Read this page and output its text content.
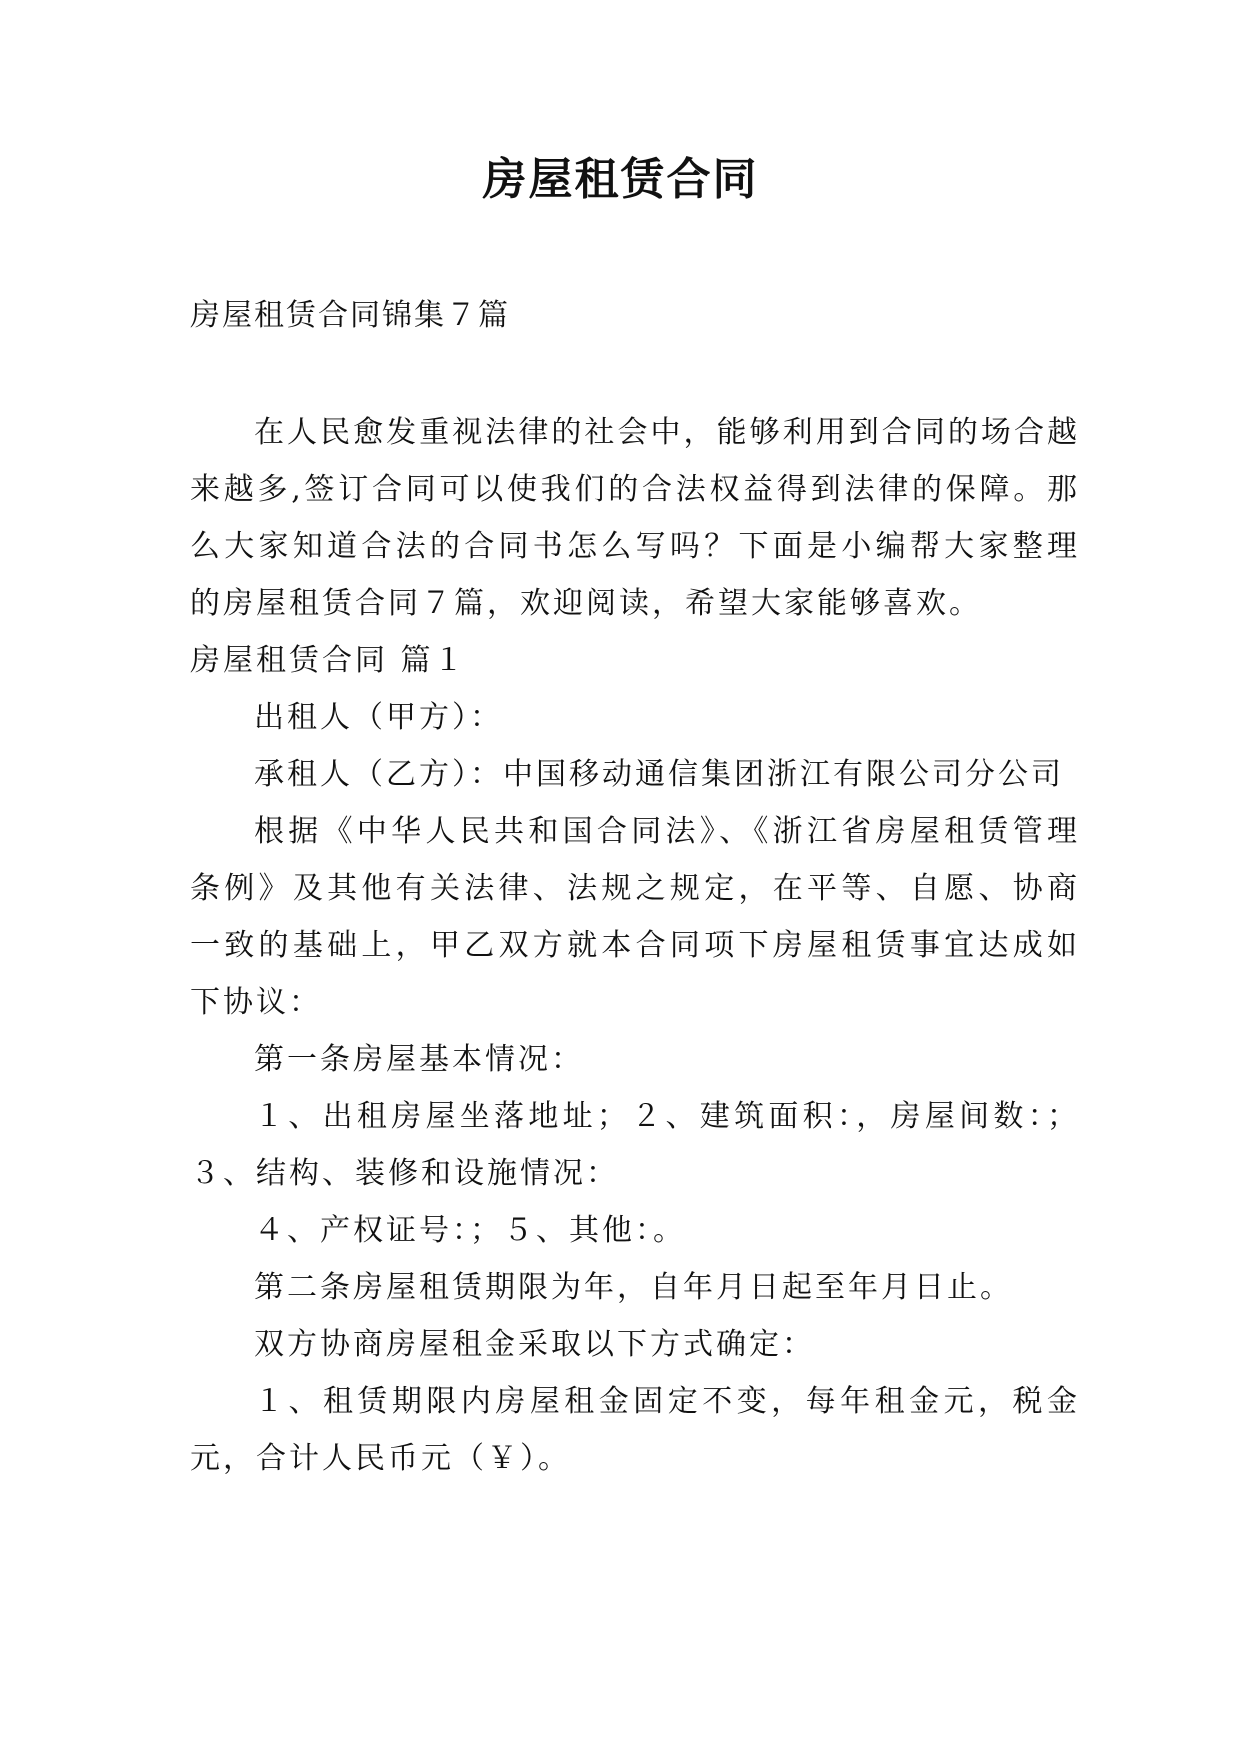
房屋租赁合同

房屋租赁合同锦集７篇

在人民愈发重视法律的社会中，能够利用到合同的场合越来越多,签订合同可以使我们的合法权益得到法律的保障。那么大家知道合法的合同书怎么写吗？下面是小编帮大家整理的房屋租赁合同７篇，欢迎阅读，希望大家能够喜欢。

房屋租赁合同 篇１

出租人（甲方）：

承租人（乙方）：中国移动通信集团浙江有限公司分公司

根据《中华人民共和国合同法》、《浙江省房屋租赁管理条例》及其他有关法律、法规之规定，在平等、自愿、协商一致的基础上，甲乙双方就本合同项下房屋租赁事宜达成如下协议：

第一条房屋基本情况：

１、出租房屋坐落地址；２、建筑面积：，房屋间数：；３、结构、装修和设施情况：

４、产权证号：；５、其他：。

第二条房屋租赁期限为年，自年月日起至年月日止。

双方协商房屋租金采取以下方式确定：

１、租赁期限内房屋租金固定不变，每年租金元，税金元，合计人民币元（￥）。
